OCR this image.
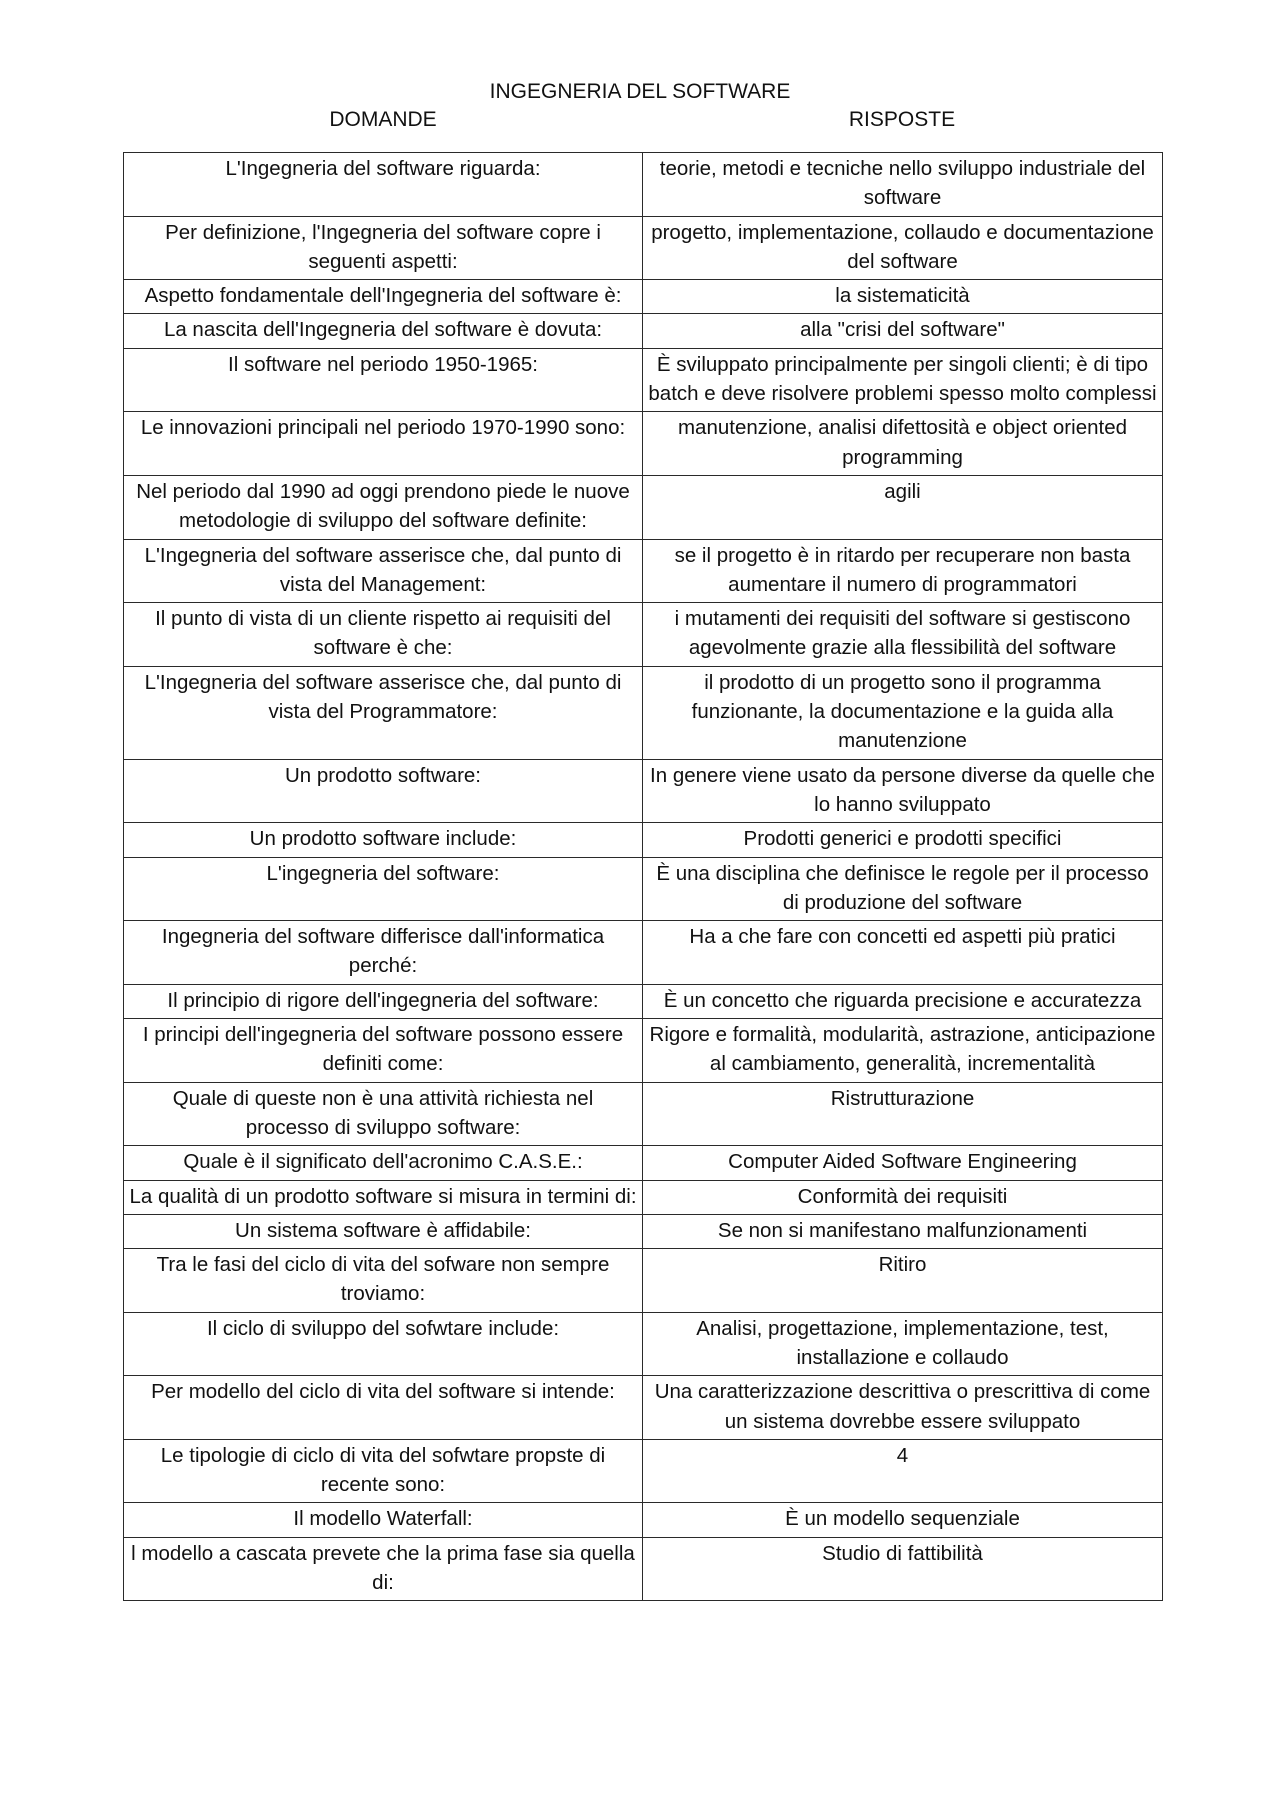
INGEGNERIA DEL SOFTWARE
DOMANDE	RISPOSTE
L'Ingegneria del software riguarda:	teorie, metodi e tecniche nello sviluppo industriale del software
Per definizione, l'Ingegneria del software copre i seguenti aspetti:	progetto, implementazione, collaudo e documentazione del software
Aspetto fondamentale dell'Ingegneria del software è:	la sistematicità
La nascita dell'Ingegneria del software è dovuta:	alla "crisi del software"
Il software nel periodo 1950-1965:	È sviluppato principalmente per singoli clienti; è di tipo batch e deve risolvere problemi spesso molto complessi
Le innovazioni principali nel periodo 1970-1990 sono:	manutenzione, analisi difettosità e object oriented programming
Nel periodo dal 1990 ad oggi prendono piede le nuove metodologie di sviluppo del software definite:	agili
L'Ingegneria del software asserisce che, dal punto di vista del Management:	se il progetto è in ritardo per recuperare non basta aumentare il numero di programmatori
Il punto di vista di un cliente rispetto ai requisiti del software è che:	i mutamenti dei requisiti del software si gestiscono agevolmente grazie alla flessibilità del software
L'Ingegneria del software asserisce che, dal punto di vista del Programmatore:	il prodotto di un progetto sono il programma funzionante, la documentazione e la guida alla manutenzione
Un prodotto software:	In genere viene usato da persone diverse da quelle che lo hanno sviluppato
Un prodotto software include:	Prodotti generici e prodotti specifici
L'ingegneria del software:	È una disciplina che definisce le regole per il processo di produzione del software
Ingegneria del software differisce dall'informatica perché:	Ha a che fare con concetti ed aspetti più pratici
Il principio di rigore dell'ingegneria del software:	È un concetto che riguarda precisione e accuratezza
I principi dell'ingegneria del software possono essere definiti come:	Rigore e formalità, modularità, astrazione, anticipazione al cambiamento, generalità, incrementalità
Quale di queste non è una attività richiesta nel processo di sviluppo software:	Ristrutturazione
Quale è il significato dell'acronimo C.A.S.E.:	Computer Aided Software Engineering
La qualità di un prodotto software si misura in termini di:	Conformità dei requisiti
Un sistema software è affidabile:	Se non si manifestano malfunzionamenti
Tra le fasi del ciclo di vita del sofware non sempre troviamo:	Ritiro
Il ciclo di sviluppo del sofwtare include:	Analisi, progettazione, implementazione, test, installazione e collaudo
Per modello del ciclo di vita del software si intende:	Una caratterizzazione descrittiva o prescrittiva di come un sistema dovrebbe essere sviluppato
Le tipologie di ciclo di vita del sofwtare propste di recente sono:	4
Il modello Waterfall:	È un modello sequenziale
l modello a cascata prevete che la prima fase sia quella di:	Studio di fattibilità
